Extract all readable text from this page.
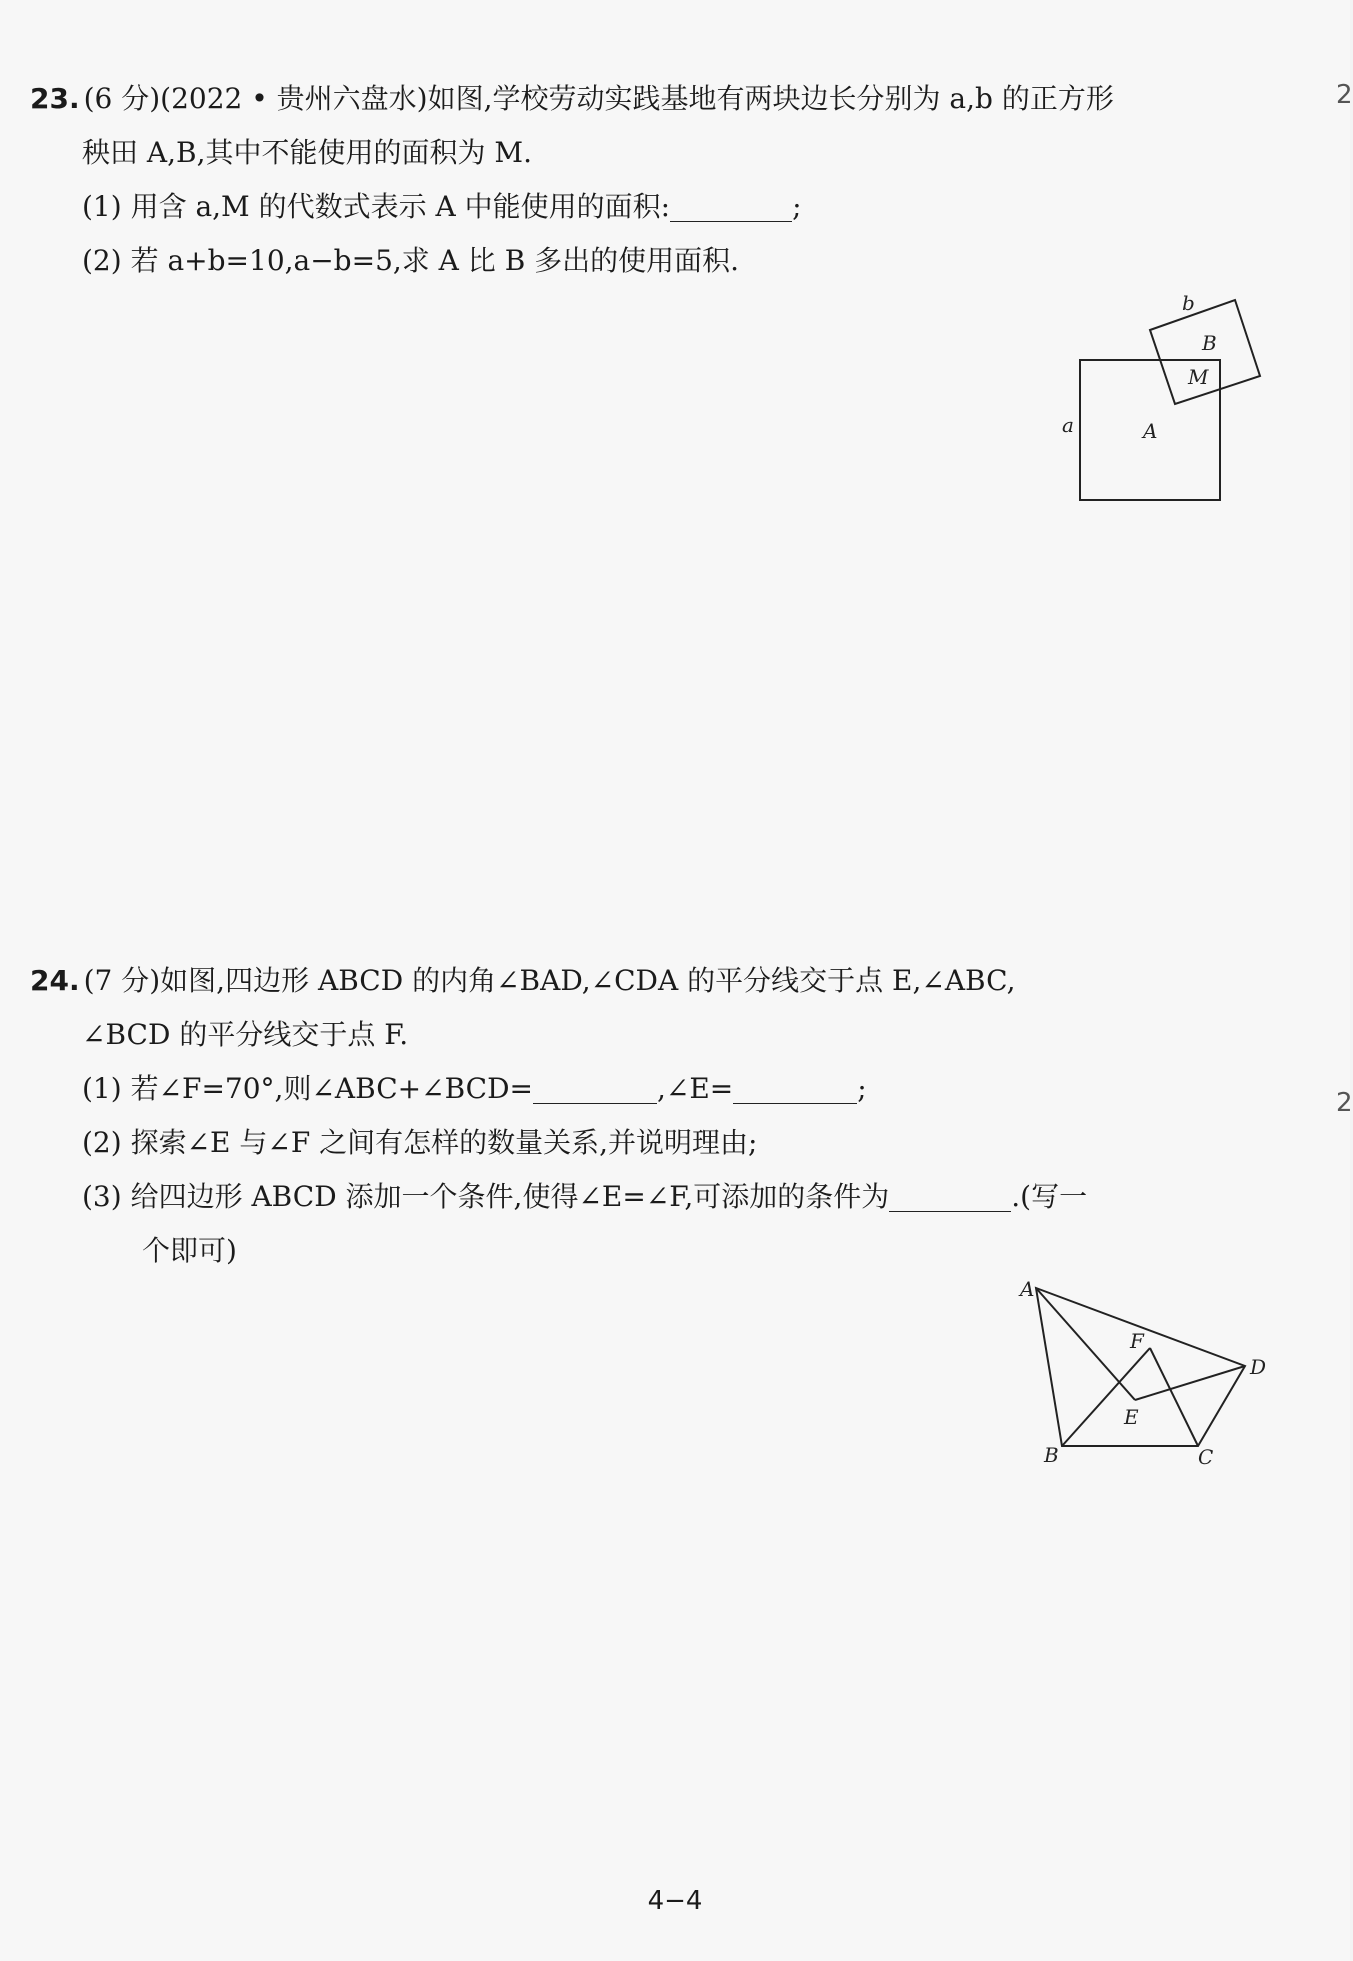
23. (6 分)(2022 • 贵州六盘水)如图,学校劳动实践基地有两块边长分别为 a,b 的正方形
秧田 A,B,其中不能使用的面积为 M.
(1) 用含 a,M 的代数式表示 A 中能使用的面积:	;
(2) 若 a+b=10,a−b=5,求 A 比 B 多出的使用面积.
b
B
M
a	A
24. (7 分)如图,四边形 ABCD 的内角∠BAD,∠CDA 的平分线交于点 E,∠ABC,
∠BCD 的平分线交于点 F.
(1) 若∠F=70°,则∠ABC+∠BCD=	,∠E=	;
(2) 探索∠E 与∠F 之间有怎样的数量关系,并说明理由;
(3) 给四边形 ABCD 添加一个条件,使得∠E=∠F,可添加的条件为	.(写一
个即可)
A
B	C
D
E
F
2
2
4−4
